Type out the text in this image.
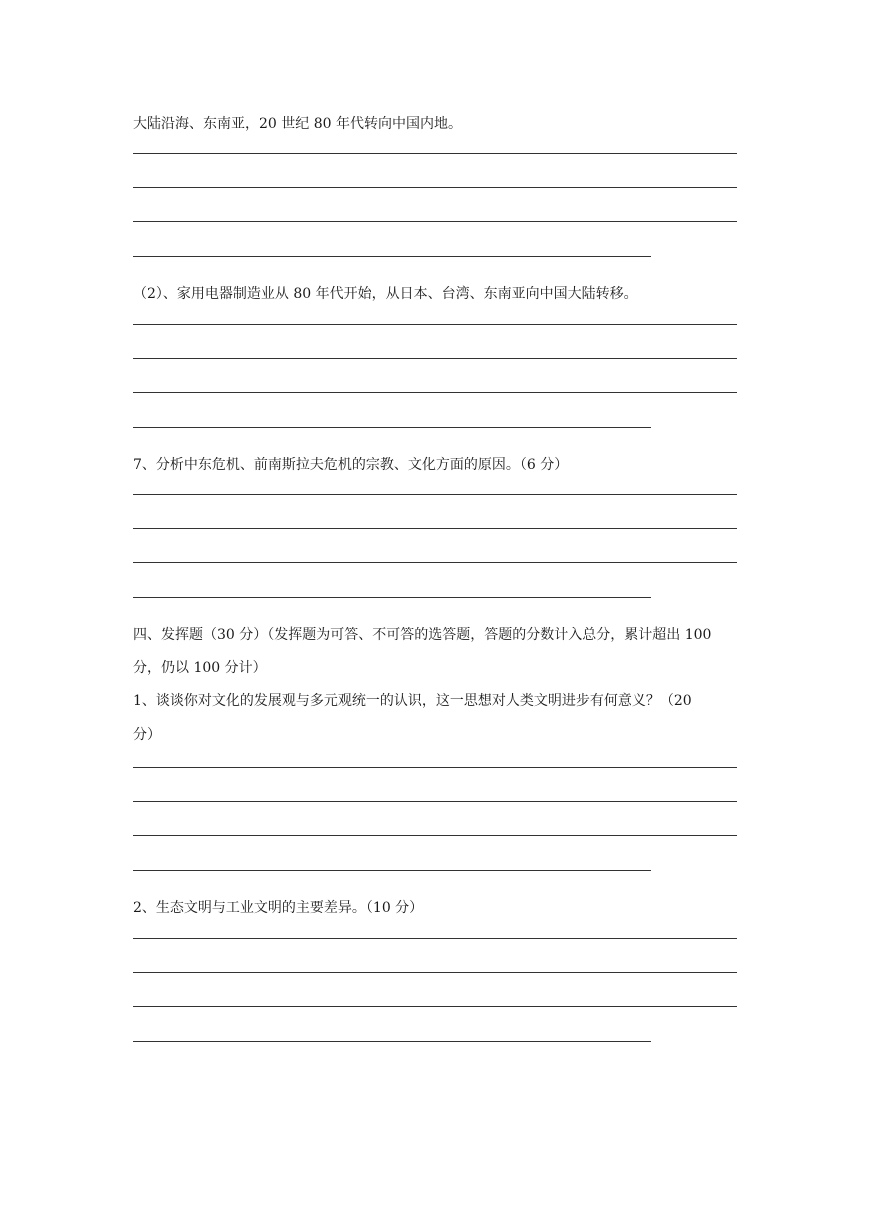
大陆沿海、东南亚，20 世纪 80 年代转向中国内地。
（2）、家用电器制造业从 80 年代开始，从日本、台湾、东南亚向中国大陆转移。
7、分析中东危机、前南斯拉夫危机的宗教、文化方面的原因。（6 分）
四、发挥题（30 分）（发挥题为可答、不可答的选答题，答题的分数计入总分，累计超出 100
分，仍以 100 分计）
1、谈谈你对文化的发展观与多元观统一的认识，这一思想对人类文明进步有何意义？（20
分）
2、生态文明与工业文明的主要差异。（10 分）
